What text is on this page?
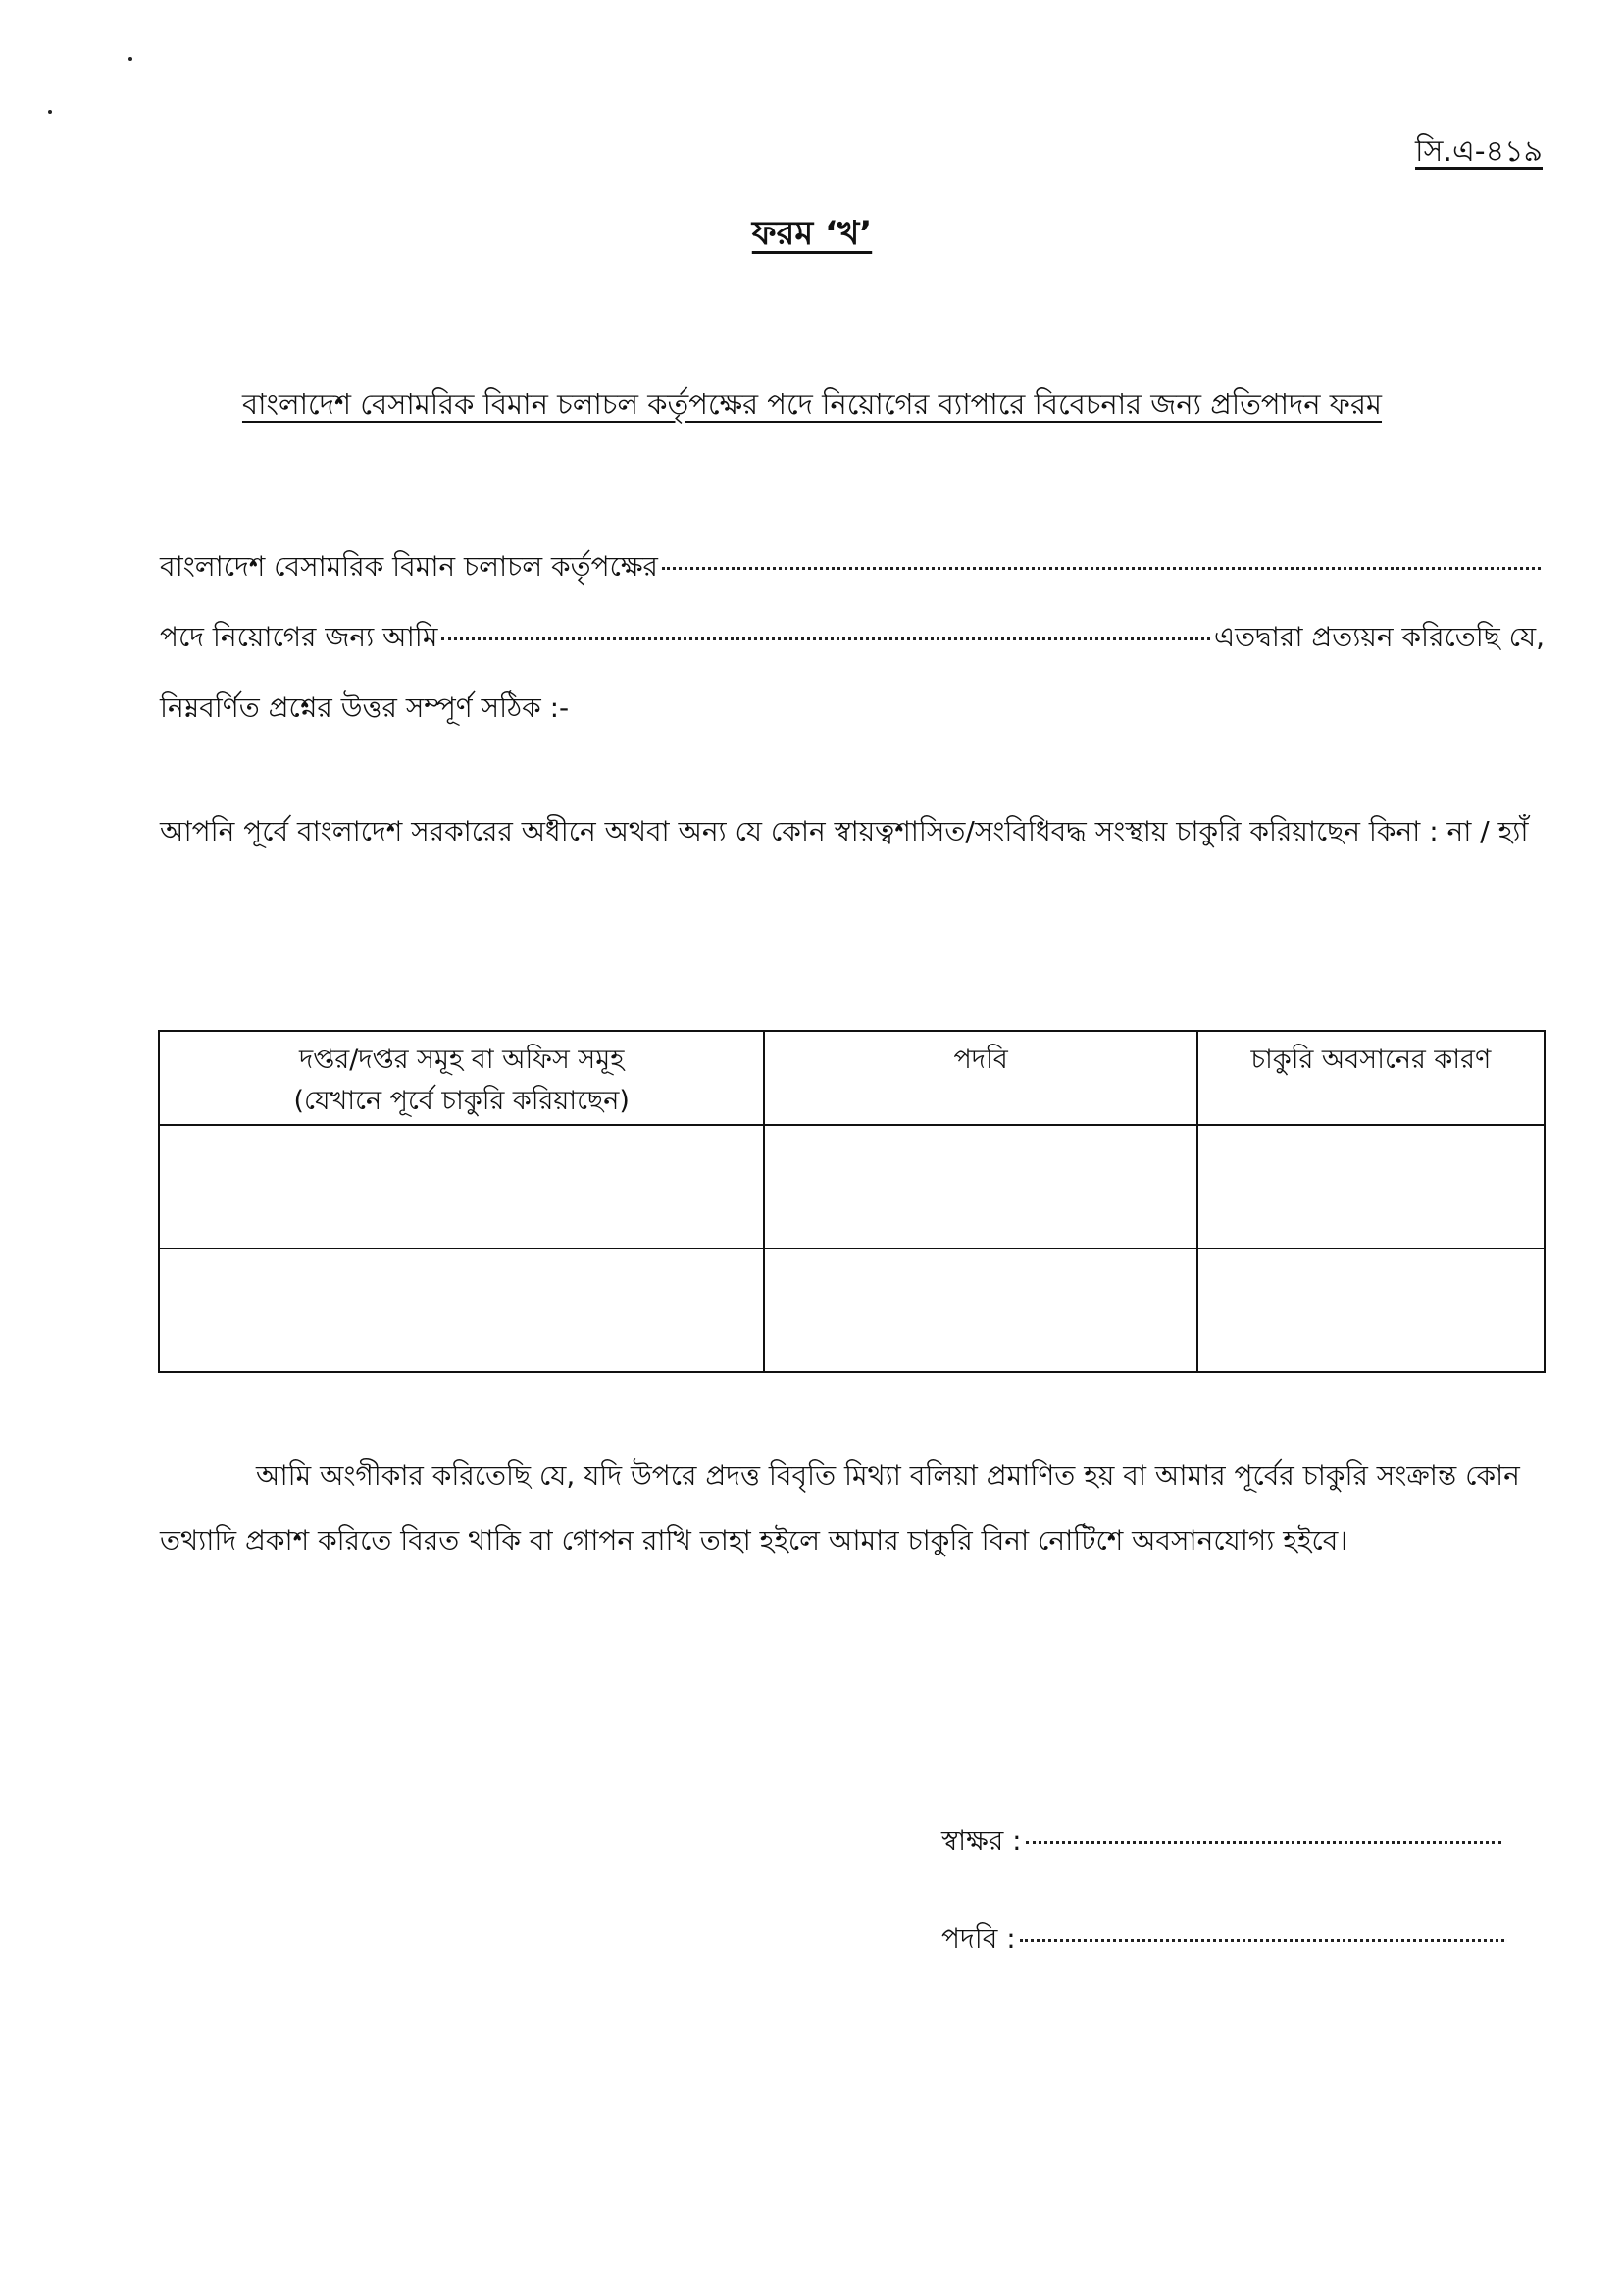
সি.এ-৪১৯
ফরম ‘খ’
বাংলাদেশ বেসামরিক বিমান চলাচল কর্তৃপক্ষের পদে নিয়োগের ব্যাপারে বিবেচনার জন্য প্রতিপাদন ফরম
বাংলাদেশ বেসামরিক বিমান চলাচল কর্তৃপক্ষের
পদে নিয়োগের জন্য আমি	এতদ্বারা প্রত্যয়ন করিতেছি যে,
নিম্নবর্ণিত প্রশ্নের উত্তর সম্পূর্ণ সঠিক :-
আপনি পূর্বে বাংলাদেশ সরকারের অধীনে অথবা অন্য যে কোন স্বায়ত্বশাসিত/সংবিধিবদ্ধ সংস্থায় চাকুরি করিয়াছেন কিনা : না / হ্যাঁ
দপ্তর/দপ্তর সমূহ বা অফিস সমূহ
(যেখানে পূর্বে চাকুরি করিয়াছেন)	পদবি	চাকুরি অবসানের কারণ

আমি অংগীকার করিতেছি যে, যদি উপরে প্রদত্ত বিবৃতি মিথ্যা বলিয়া প্রমাণিত হয় বা আমার পূর্বের চাকুরি সংক্রান্ত কোন তথ্যাদি প্রকাশ করিতে বিরত থাকি বা গোপন রাখি তাহা হইলে আমার চাকুরি বিনা নোটিশে অবসানযোগ্য হইবে।
স্বাক্ষর :
পদবি :
